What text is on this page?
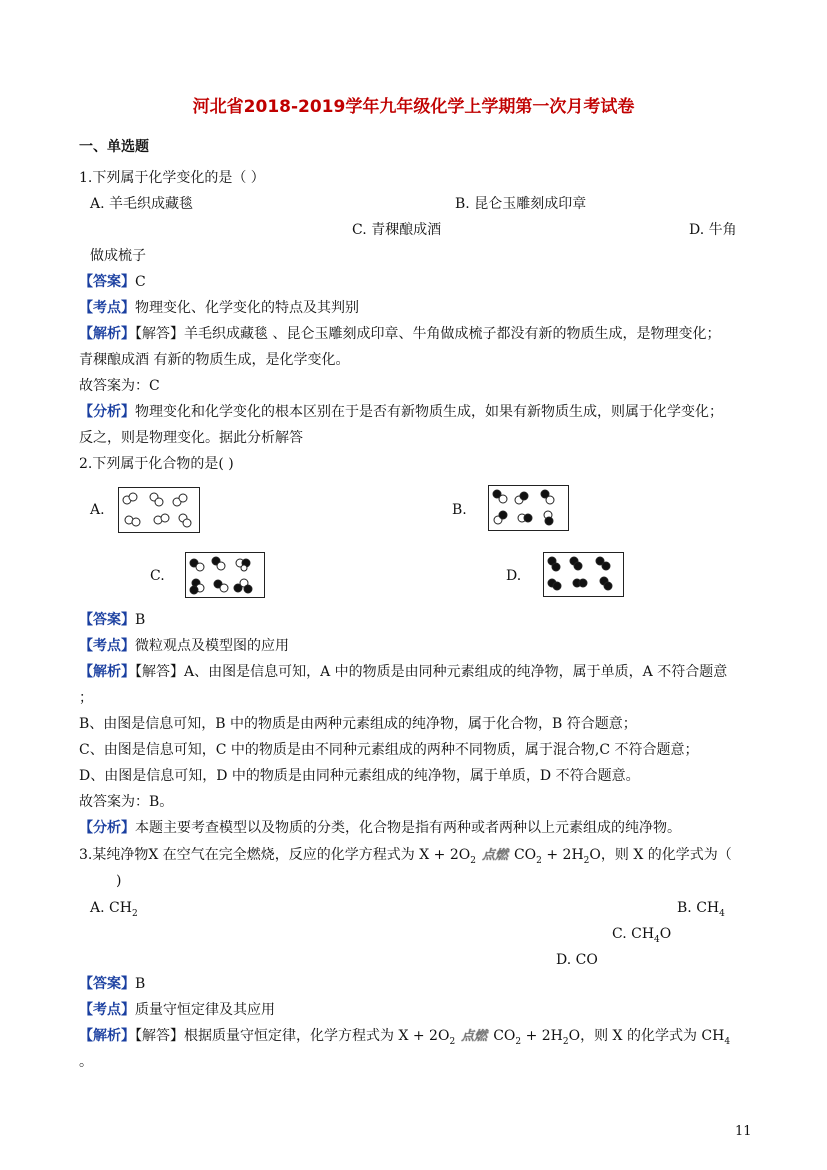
河北省2018-2019学年九年级化学上学期第一次月考试卷
一、单选题
1.下列属于化学变化的是（ ）
A. 羊毛织成藏毯	B. 昆仑玉雕刻成印章
C. 青稞酿成酒	D. 牛角
做成梳子
【答案】C
【考点】物理变化、化学变化的特点及其判别
【解析】【解答】羊毛织成藏毯 、昆仑玉雕刻成印章、牛角做成梳子都没有新的物质生成，是物理变化；
青稞酿成酒 有新的物质生成，是化学变化。
故答案为：C
【分析】物理变化和化学变化的根本区别在于是否有新物质生成，如果有新物质生成，则属于化学变化；
反之，则是物理变化。据此分析解答
2.下列属于化合物的是( )
A.	B.
C.	D.
【答案】B
【考点】微粒观点及模型图的应用
【解析】【解答】A、由图是信息可知，A 中的物质是由同种元素组成的纯净物，属于单质，A 不符合题意
；
B、由图是信息可知，B 中的物质是由两种元素组成的纯净物，属于化合物，B 符合题意；
C、由图是信息可知，C 中的物质是由不同种元素组成的两种不同物质，属于混合物,C 不符合题意；
D、由图是信息可知，D 中的物质是由同种元素组成的纯净物，属于单质，D 不符合题意。
故答案为：B。
【分析】本题主要考查模型以及物质的分类，化合物是指有两种或者两种以上元素组成的纯净物。
3.某纯净物X 在空气在完全燃烧，反应的化学方程式为 $X + 2O_2$ 点燃 $CO_2 + 2H_2O$，则 X 的化学式为（
)
A. $CH_2$	B. $CH_4$
C. $CH_4O$
D. CO
【答案】B
【考点】质量守恒定律及其应用
【解析】【解答】根据质量守恒定律，化学方程式为 $X + 2O_2$ 点燃 $CO_2 + 2H_2O$，则 X 的化学式为 $CH_4$
。
11
